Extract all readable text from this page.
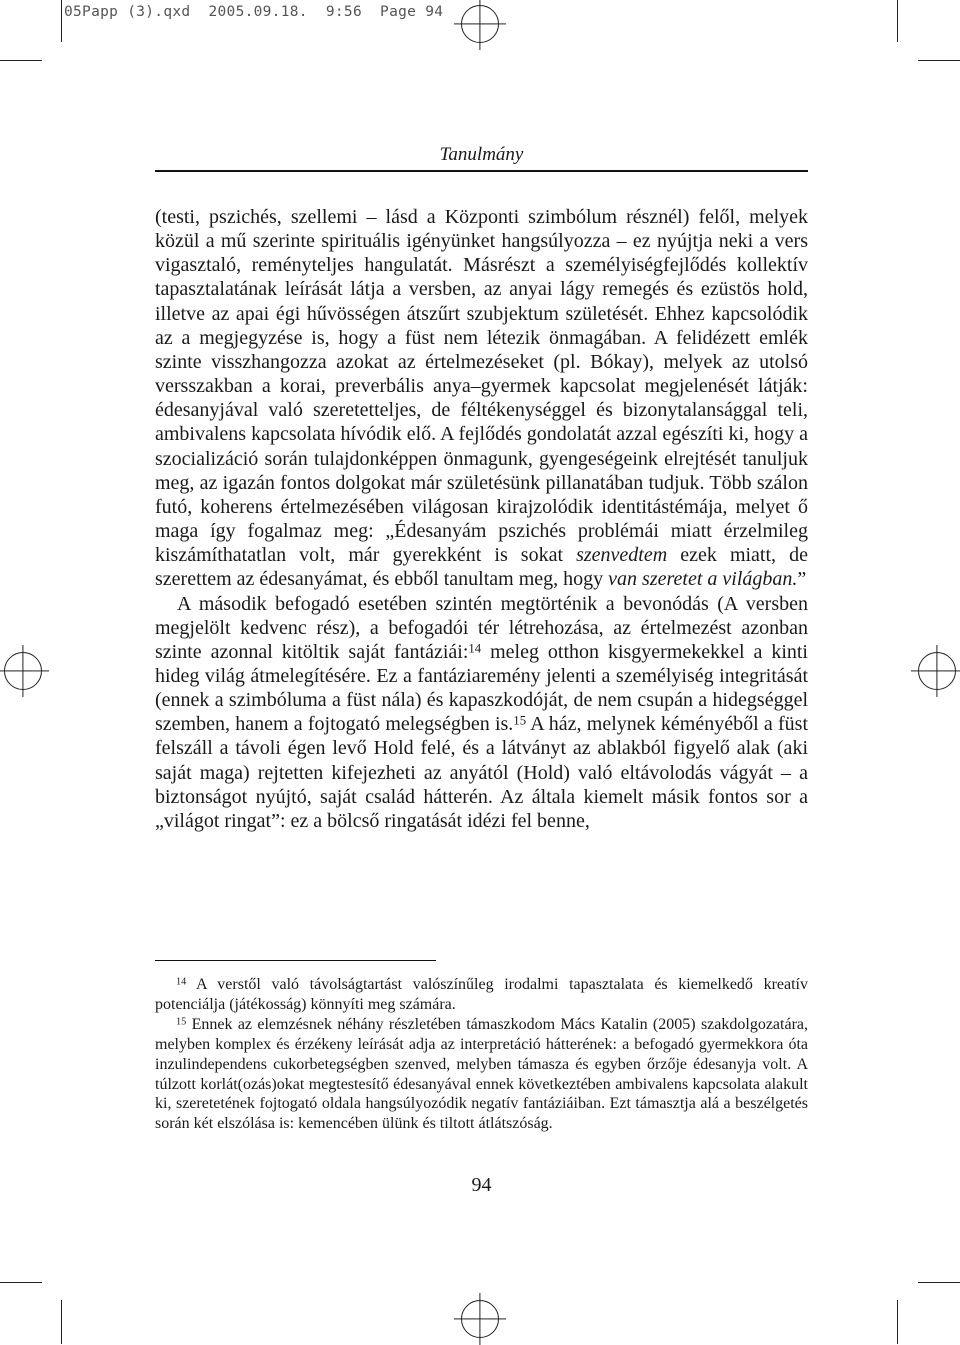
05Papp (3).qxd  2005.09.18.  9:56  Page 94
Tanulmány

(testi, pszichés, szellemi – lásd a Központi szimbólum résznél) felől, melyek közül a mű szerinte spirituális igényünket hangsúlyozza – ez nyújtja neki a vers vigasztaló, reményteljes hangulatát. Másrészt a személyiségfejlődés kollektív tapasztalatának leírását látja a versben, az anyai lágy remegés és ezüstös hold, illetve az apai égi hűvösségen átszűrt szubjektum születését. Ehhez kapcsolódik az a megjegyzése is, hogy a füst nem létezik önmagában. A felidézett emlék szinte visszhangozza azokat az értelmezéseket (pl. Bókay), melyek az utolsó versszakban a korai, preverbális anya–gyermek kapcsolat megjelenését látják: édesanyjával való szeretetteljes, de féltékenységgel és bizonytalansággal teli, ambivalens kapcsolata hívódik elő. A fejlődés gondolatát azzal egészíti ki, hogy a szocializáció során tulajdonképpen önmagunk, gyengeségeink elrejtését tanuljuk meg, az igazán fontos dolgokat már születésünk pillanatában tudjuk. Több szálon futó, koherens értelmezésében világosan kirajzolódik identitástémája, melyet ő maga így fogalmaz meg: „Édesanyám pszichés problémái miatt érzelmileg kiszámíthatatlan volt, már gyerekként is sokat szenvedtem ezek miatt, de szerettem az édesanyámat, és ebből tanultam meg, hogy van szeretet a világban.”

A második befogadó esetében szintén megtörténik a bevonódás (A versben megjelölt kedvenc rész), a befogadói tér létrehozása, az értelmezést azonban szinte azonnal kitöltik saját fantáziái:$^{14}$ meleg otthon kisgyermekekkel a kinti hideg világ átmelegítésére. Ez a fantáziaremény jelenti a személyiség integritását (ennek a szimbóluma a füst nála) és kapaszkodóját, de nem csupán a hidegséggel szemben, hanem a fojtogató melegségben is.$^{15}$ A ház, melynek kéményéből a füst felszáll a távoli égen levő Hold felé, és a látványt az ablakból figyelő alak (aki saját maga) rejtetten kifejezheti az anyától (Hold) való eltávolodás vágyát – a biztonságot nyújtó, saját család hátterén. Az általa kiemelt másik fontos sor a „világot ringat”: ez a bölcső ringatását idézi fel benne,

$^{14}$ A verstől való távolságtartást valószínűleg irodalmi tapasztalata és kiemelkedő kreatív potenciálja (játékosság) könnyíti meg számára.

$^{15}$ Ennek az elemzésnek néhány részletében támaszkodom Mács Katalin (2005) szakdolgozatára, melyben komplex és érzékeny leírását adja az interpretáció hátterének: a befogadó gyermekkora óta inzulindependens cukorbetegségben szenved, melyben támasza és egyben őrzője édesanyja volt. A túlzott korlát(ozás)okat megtestesítő édesanyával ennek következtében ambivalens kapcsolata alakult ki, szeretetének fojtogató oldala hangsúlyozódik negatív fantáziáiban. Ezt támasztja alá a beszélgetés során két elszólása is: kemencében ülünk és tiltott átlátszóság.

94
